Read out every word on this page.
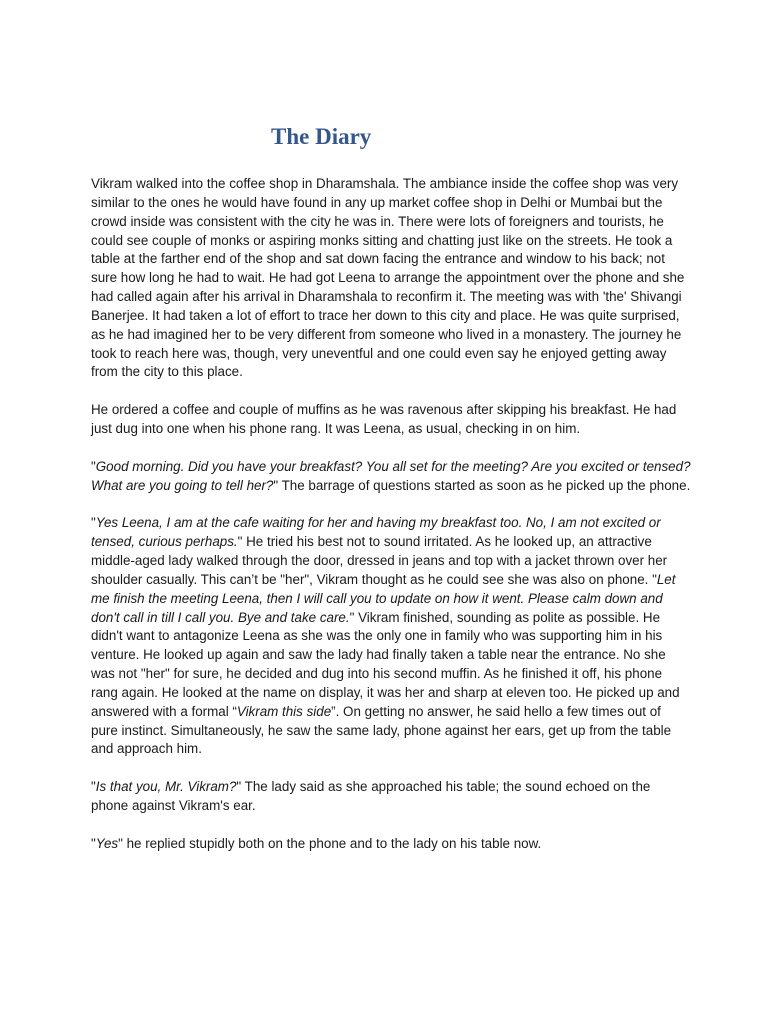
The Diary

Vikram walked into the coffee shop in Dharamshala. The ambiance inside the coffee shop was very similar to the ones he would have found in any up market coffee shop in Delhi or Mumbai but the crowd inside was consistent with the city he was in. There were lots of foreigners and tourists, he could see couple of monks or aspiring monks sitting and chatting just like on the streets. He took a table at the farther end of the shop and sat down facing the entrance and window to his back; not sure how long he had to wait. He had got Leena to arrange the appointment over the phone and she had called again after his arrival in Dharamshala to reconfirm it. The meeting was with 'the' Shivangi Banerjee. It had taken a lot of effort to trace her down to this city and place. He was quite surprised, as he had imagined her to be very different from someone who lived in a monastery. The journey he took to reach here was, though, very uneventful and one could even say he enjoyed getting away from the city to this place.

He ordered a coffee and couple of muffins as he was ravenous after skipping his breakfast. He had just dug into one when his phone rang. It was Leena, as usual, checking in on him.

"Good morning. Did you have your breakfast? You all set for the meeting? Are you excited or tensed? What are you going to tell her?" The barrage of questions started as soon as he picked up the phone.

"Yes Leena, I am at the cafe waiting for her and having my breakfast too. No, I am not excited or tensed, curious perhaps." He tried his best not to sound irritated. As he looked up, an attractive middle-aged lady walked through the door, dressed in jeans and top with a jacket thrown over her shoulder casually. This can’t be "her", Vikram thought as he could see she was also on phone. "Let me finish the meeting Leena, then I will call you to update on how it went. Please calm down and don't call in till I call you. Bye and take care." Vikram finished, sounding as polite as possible. He didn't want to antagonize Leena as she was the only one in family who was supporting him in his venture. He looked up again and saw the lady had finally taken a table near the entrance. No she was not "her" for sure, he decided and dug into his second muffin. As he finished it off, his phone rang again. He looked at the name on display, it was her and sharp at eleven too. He picked up and answered with a formal “Vikram this side”. On getting no answer, he said hello a few times out of pure instinct. Simultaneously, he saw the same lady, phone against her ears, get up from the table and approach him.

"Is that you, Mr. Vikram?" The lady said as she approached his table; the sound echoed on the phone against Vikram's ear.

"Yes" he replied stupidly both on the phone and to the lady on his table now.
